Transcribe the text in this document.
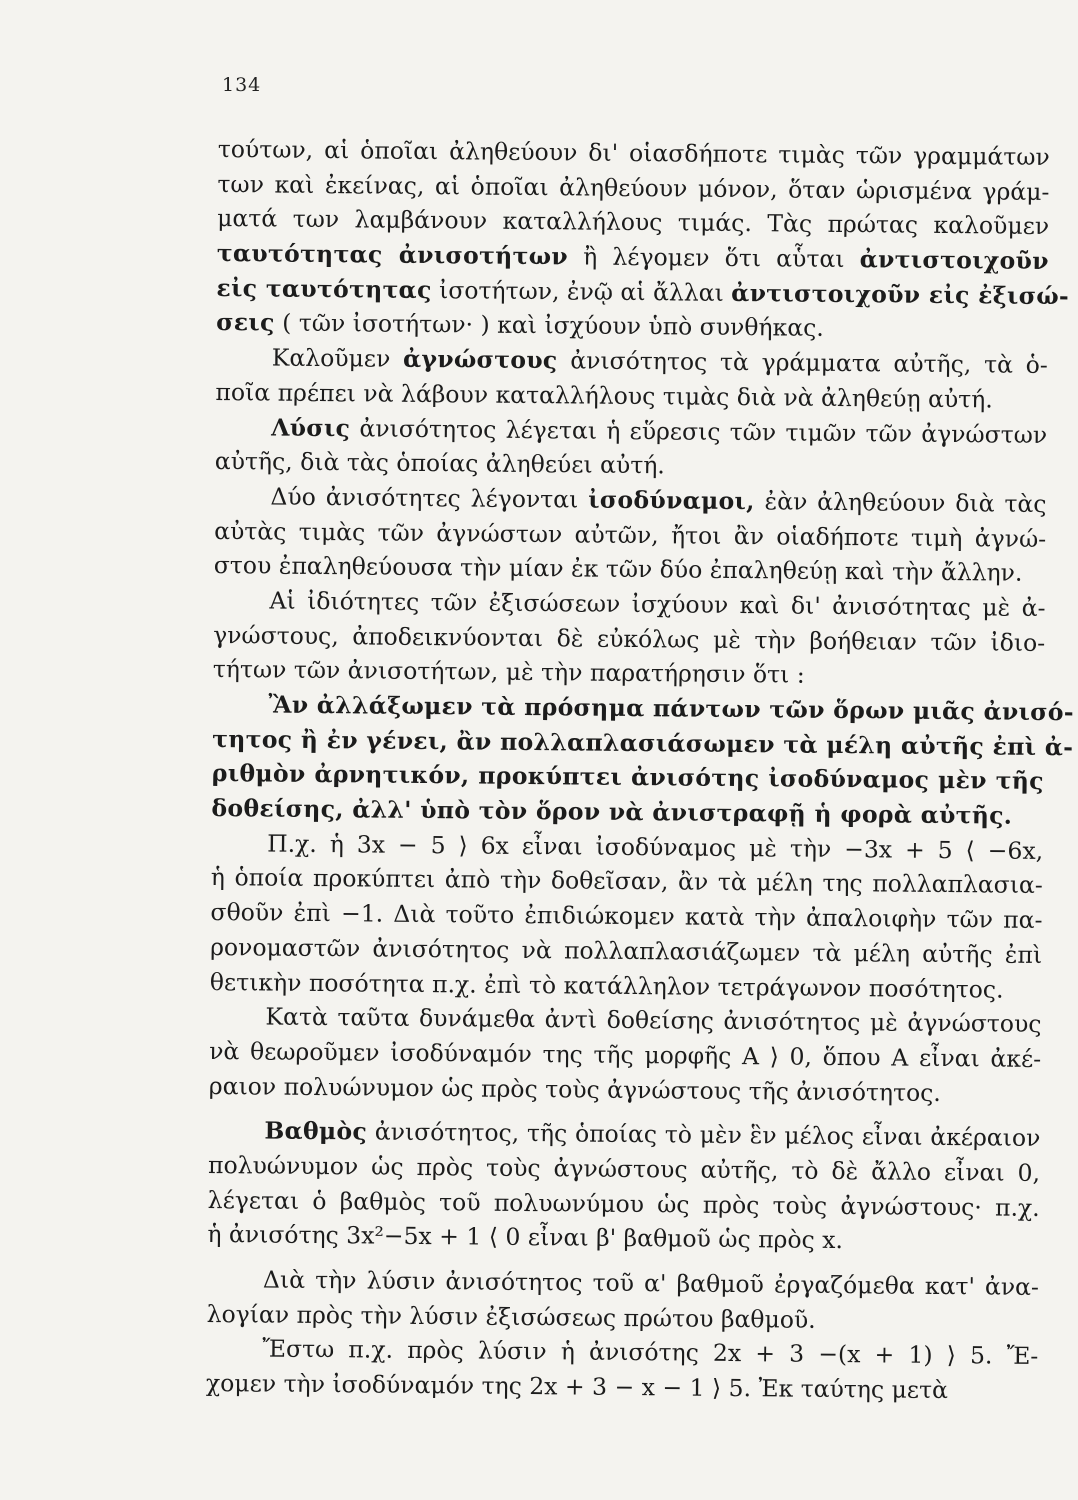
134
τούτων, αἱ ὁποῖαι ἀληθεύουν δι' οἱασδήποτε τιμὰς τῶν γραμμάτων
των καὶ ἐκείνας, αἱ ὁποῖαι ἀληθεύουν μόνον, ὅταν ὡρισμένα γράμ-
ματά των λαμβάνουν καταλλήλους τιμάς. Τὰς πρώτας καλοῦμεν
ταυτότητας ἀνισοτήτων ἢ λέγομεν ὅτι αὗται ἀντιστοιχοῦν
εἰς ταυτότητας ἰσοτήτων, ἐνῷ αἱ ἄλλαι ἀντιστοιχοῦν εἰς ἐξισώ-
σεις ( τῶν ἰσοτήτων· ) καὶ ἰσχύουν ὑπὸ συνθήκας.
Καλοῦμεν ἀγνώστους ἀνισότητος τὰ γράμματα αὐτῆς, τὰ ὁ-
ποῖα πρέπει νὰ λάβουν καταλλήλους τιμὰς διὰ νὰ ἀληθεύῃ αὐτή.
Λύσις ἀνισότητος λέγεται ἡ εὕρεσις τῶν τιμῶν τῶν ἀγνώστων
αὐτῆς, διὰ τὰς ὁποίας ἀληθεύει αὐτή.
Δύο ἀνισότητες λέγονται ἰσοδύναμοι, ἐὰν ἀληθεύουν διὰ τὰς
αὐτὰς τιμὰς τῶν ἀγνώστων αὐτῶν, ἤτοι ἂν οἱαδήποτε τιμὴ ἀγνώ-
στου ἐπαληθεύουσα τὴν μίαν ἐκ τῶν δύο ἐπαληθεύῃ καὶ τὴν ἄλλην.
Αἱ ἰδιότητες τῶν ἐξισώσεων ἰσχύουν καὶ δι' ἀνισότητας μὲ ἀ-
γνώστους, ἀποδεικνύονται δὲ εὐκόλως μὲ τὴν βοήθειαν τῶν ἰδιο-
τήτων τῶν ἀνισοτήτων, μὲ τὴν παρατήρησιν ὅτι :
Ἂν ἀλλάξωμεν τὰ πρόσημα πάντων τῶν ὅρων μιᾶς ἀνισό-
τητος ἢ ἐν γένει, ἂν πολλαπλασιάσωμεν τὰ μέλη αὐτῆς ἐπὶ ἀ-
ριθμὸν ἀρνητικόν, προκύπτει ἀνισότης ἰσοδύναμος μὲν τῆς
δοθείσης, ἀλλ' ὑπὸ τὸν ὅρον νὰ ἀνιστραφῇ ἡ φορὰ αὐτῆς.
Π.χ. ἡ 3x − 5 ⟩ 6x εἶναι ἰσοδύναμος μὲ τὴν −3x + 5 ⟨ −6x,
ἡ ὁποία προκύπτει ἀπὸ τὴν δοθεῖσαν, ἂν τὰ μέλη της πολλαπλασια-
σθοῦν ἐπὶ −1. Διὰ τοῦτο ἐπιδιώκομεν κατὰ τὴν ἀπαλοιφὴν τῶν πα-
ρονομαστῶν ἀνισότητος νὰ πολλαπλασιάζωμεν τὰ μέλη αὐτῆς ἐπὶ
θετικὴν ποσότητα π.χ. ἐπὶ τὸ κατάλληλον τετράγωνον ποσότητος.
Κατὰ ταῦτα δυνάμεθα ἀντὶ δοθείσης ἀνισότητος μὲ ἀγνώστους
νὰ θεωροῦμεν ἰσοδύναμόν της τῆς μορφῆς Α ⟩ 0, ὅπου Α εἶναι ἀκέ-
ραιον πολυώνυμον ὡς πρὸς τοὺς ἀγνώστους τῆς ἀνισότητος.
Βαθμὸς ἀνισότητος, τῆς ὁποίας τὸ μὲν ἓν μέλος εἶναι ἀκέραιον
πολυώνυμον ὡς πρὸς τοὺς ἀγνώστους αὐτῆς, τὸ δὲ ἄλλο εἶναι 0,
λέγεται ὁ βαθμὸς τοῦ πολυωνύμου ὡς πρὸς τοὺς ἀγνώστους· π.χ.
ἡ ἀνισότης 3x²−5x + 1 ⟨ 0 εἶναι β' βαθμοῦ ὡς πρὸς x.
Διὰ τὴν λύσιν ἀνισότητος τοῦ α' βαθμοῦ ἐργαζόμεθα κατ' ἀνα-
λογίαν πρὸς τὴν λύσιν ἐξισώσεως πρώτου βαθμοῦ.
Ἔστω π.χ. πρὸς λύσιν ἡ ἀνισότης 2x + 3 −(x + 1) ⟩ 5. Ἔ-
χομεν τὴν ἰσοδύναμόν της 2x + 3 − x − 1 ⟩ 5. Ἐκ ταύτης μετὰ
